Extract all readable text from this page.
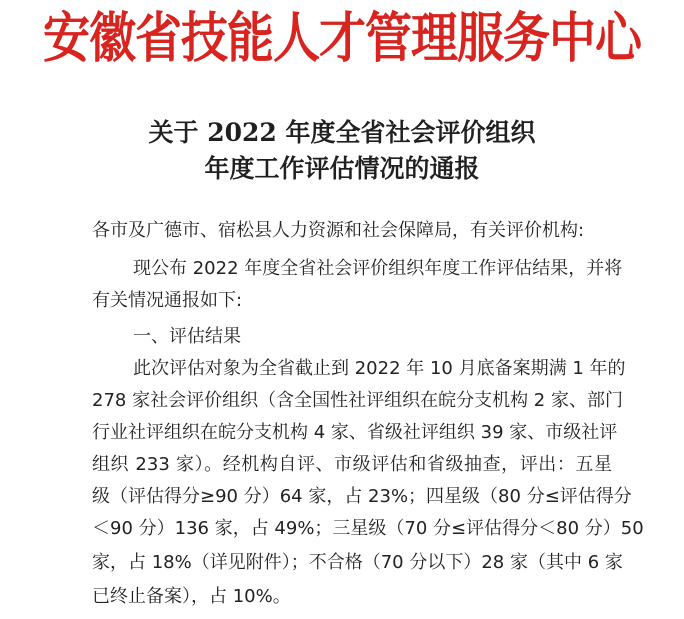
安徽省技能人才管理服务中心
关于 2022 年度全省社会评价组织
年度工作评估情况的通报
各市及广德市、宿松县人力资源和社会保障局，有关评价机构:
现公布 2022 年度全省社会评价组织年度工作评估结果，并将
有关情况通报如下:
一、评估结果
此次评估对象为全省截止到 2022 年 10 月底备案期满 1 年的
278 家社会评价组织（含全国性社评组织在皖分支机构 2 家、部门
行业社评组织在皖分支机构 4 家、省级社评组织 39 家、市级社评
组织 233 家）。经机构自评、市级评估和省级抽查，评出：五星
级（评估得分≥90 分）64 家，占 23%；四星级（80 分≤评估得分
＜90 分）136 家，占 49%；三星级（70 分≤评估得分＜80 分）50
家，占 18%（详见附件）；不合格（70 分以下）28 家（其中 6 家
已终止备案），占 10%。
